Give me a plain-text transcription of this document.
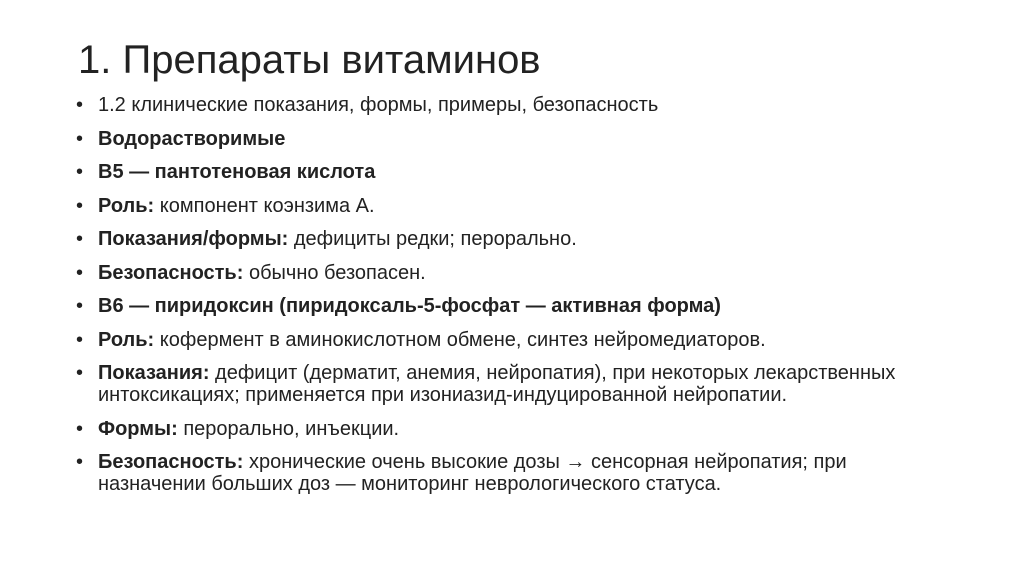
1. Препараты витаминов
• 1.2 клинические показания, формы, примеры, безопасность
• Водорастворимые
• B5 — пантотеновая кислота
• Роль: компонент коэнзима А.
• Показания/формы: дефициты редки; перорально.
• Безопасность: обычно безопасен.
• B6 — пиридоксин (пиридоксаль-5-фосфат — активная форма)
• Роль: кофермент в аминокислотном обмене, синтез нейромедиаторов.
• Показания: дефицит (дерматит, анемия, нейропатия), при некоторых лекарственных интоксикациях; применяется при изониазид-индуцированной нейропатии.
• Формы: перорально, инъекции.
• Безопасность: хронические очень высокие дозы → сенсорная нейропатия; при назначении больших доз — мониторинг неврологического статуса.
